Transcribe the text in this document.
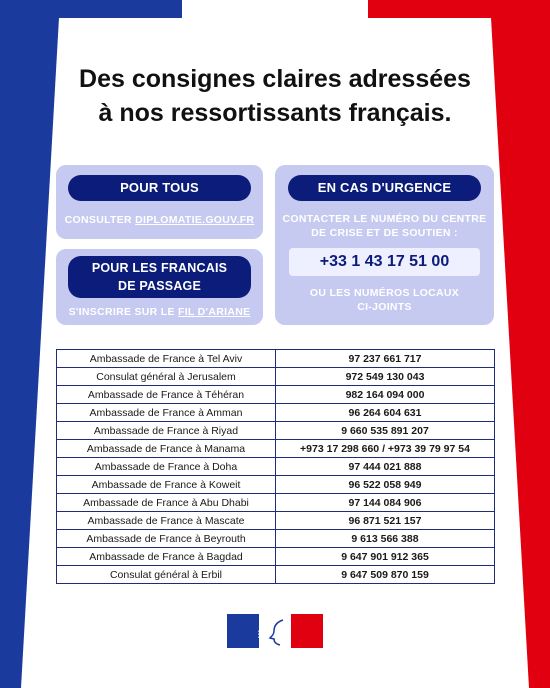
Des consignes claires adressées
à nos ressortissants français.
POUR TOUS
CONSULTER DIPLOMATIE.GOUV.FR
POUR LES FRANCAIS
DE PASSAGE
S'INSCRIRE SUR LE FIL D'ARIANE
EN CAS D'URGENCE
CONTACTER LE NUMÉRO DU CENTRE
DE CRISE ET DE SOUTIEN :
+33 1 43 17 51 00
OU LES NUMÉROS LOCAUX
CI-JOINTS
Ambassade de France à Tel Aviv	97 237 661 717
Consulat général à Jerusalem	972 549 130 043
Ambassade de France à Téhéran	982 164 094 000
Ambassade de France à Amman	96 264 604 631
Ambassade de France à Riyad	9 660 535 891 207
Ambassade de France à Manama	+973 17 298 660 / +973 39 79 97 54
Ambassade de France à Doha	97 444 021 888
Ambassade de France à Koweit	96 522 058 949
Ambassade de France à Abu Dhabi	97 144 084 906
Ambassade de France à Mascate	96 871 521 157
Ambassade de France à Beyrouth	9 613 566 388
Ambassade de France à Bagdad	9 647 901 912 365
Consulat général à Erbil	9 647 509 870 159
